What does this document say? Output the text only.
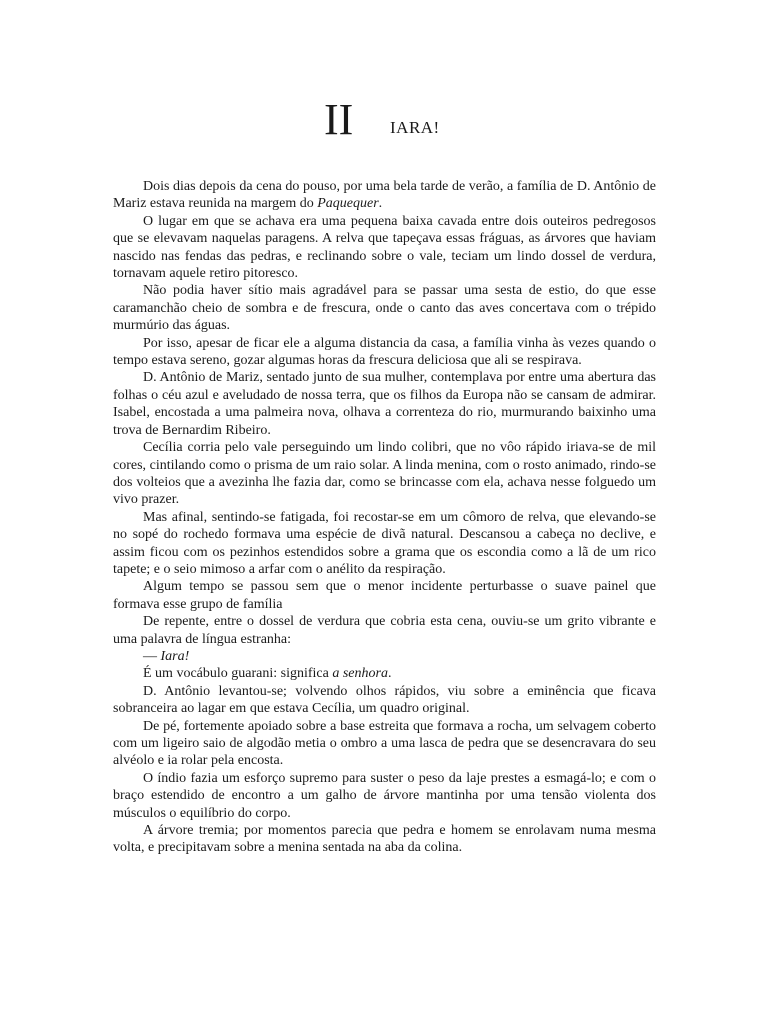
II IARA!

Dois dias depois da cena do pouso, por uma bela tarde de verão, a família de D. Antônio de Mariz estava reunida na margem do Paquequer.

O lugar em que se achava era uma pequena baixa cavada entre dois outeiros pedregosos que se elevavam naquelas paragens. A relva que tapeçava essas fráguas, as árvores que haviam nascido nas fendas das pedras, e reclinando sobre o vale, teciam um lindo dossel de verdura, tornavam aquele retiro pitoresco.

Não podia haver sítio mais agradável para se passar uma sesta de estio, do que esse caramanchão cheio de sombra e de frescura, onde o canto das aves concertava com o trépido murmúrio das águas.

Por isso, apesar de ficar ele a alguma distancia da casa, a família vinha às vezes quando o tempo estava sereno, gozar algumas horas da frescura deliciosa que ali se respirava.

D. Antônio de Mariz, sentado junto de sua mulher, contemplava por entre uma abertura das folhas o céu azul e aveludado de nossa terra, que os filhos da Europa não se cansam de admirar. Isabel, encostada a uma palmeira nova, olhava a correnteza do rio, murmurando baixinho uma trova de Bernardim Ribeiro.

Cecília corria pelo vale perseguindo um lindo colibri, que no vôo rápido iriava-se de mil cores, cintilando como o prisma de um raio solar. A linda menina, com o rosto animado, rindo-se dos volteios que a avezinha lhe fazia dar, como se brincasse com ela, achava nesse folguedo um vivo prazer.

Mas afinal, sentindo-se fatigada, foi recostar-se em um cômoro de relva, que elevando-se no sopé do rochedo formava uma espécie de divã natural. Descansou a cabeça no declive, e assim ficou com os pezinhos estendidos sobre a grama que os escondia como a lã de um rico tapete; e o seio mimoso a arfar com o anélito da respiração.

Algum tempo se passou sem que o menor incidente perturbasse o suave painel que formava esse grupo de família

De repente, entre o dossel de verdura que cobria esta cena, ouviu-se um grito vibrante e uma palavra de língua estranha:

— Iara!

É um vocábulo guarani: significa a senhora.

D. Antônio levantou-se; volvendo olhos rápidos, viu sobre a eminência que ficava sobranceira ao lagar em que estava Cecília, um quadro original.

De pé, fortemente apoiado sobre a base estreita que formava a rocha, um selvagem coberto com um ligeiro saio de algodão metia o ombro a uma lasca de pedra que se desencravara do seu alvéolo e ia rolar pela encosta.

O índio fazia um esforço supremo para suster o peso da laje prestes a esmagá-lo; e com o braço estendido de encontro a um galho de árvore mantinha por uma tensão violenta dos músculos o equilíbrio do corpo.

A árvore tremia; por momentos parecia que pedra e homem se enrolavam numa mesma volta, e precipitavam sobre a menina sentada na aba da colina.
